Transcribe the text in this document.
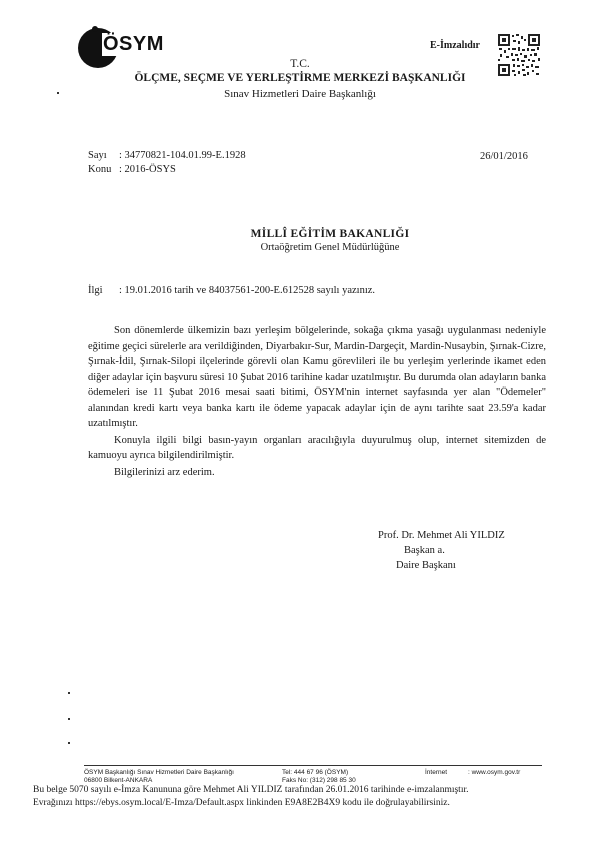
ÖSYM	E-İmzalıdır
T.C.
ÖLÇME, SEÇME VE YERLEŞTİRME MERKEZİ BAŞKANLIĞI
Sınav Hizmetleri Daire Başkanlığı
Sayı : 34770821-104.01.99-E.1928	26/01/2016
Konu : 2016-ÖSYS
MİLLÎ EĞİTİM BAKANLIĞI
Ortaöğretim Genel Müdürlüğüne
İlgi : 19.01.2016 tarih ve 84037561-200-E.612528 sayılı yazınız.

Son dönemlerde ülkemizin bazı yerleşim bölgelerinde, sokağa çıkma yasağı uygulanması nedeniyle eğitime geçici sürelerle ara verildiğinden, Diyarbakır-Sur, Mardin-Dargeçit, Mardin-Nusaybin, Şırnak-Cizre, Şırnak-İdil, Şırnak-Silopi ilçelerinde görevli olan Kamu görevlileri ile bu yerleşim yerlerinde ikamet eden diğer adaylar için başvuru süresi 10 Şubat 2016 tarihine kadar uzatılmıştır. Bu durumda olan adayların banka ödemeleri ise 11 Şubat 2016 mesai saati bitimi, ÖSYM'nin internet sayfasında yer alan "Ödemeler" alanından kredi kartı veya banka kartı ile ödeme yapacak adaylar için de aynı tarihte saat 23.59'a kadar uzatılmıştır.

Konuyla ilgili bilgi basın-yayın organları aracılığıyla duyurulmuş olup, internet sitemizden de kamuoyu ayrıca bilgilendirilmiştir.

Bilgilerinizi arz ederim.

Prof. Dr. Mehmet Ali YILDIZ
Başkan a.
Daire Başkanı
ÖSYM Başkanlığı Sınav Hizmetleri Daire Başkanlığı
06800 Bilkent-ANKARA
Tel: 444 67 96 (ÖSYM)
Faks No: (312) 298 85 30
İnternet	: www.osym.gov.tr
Bu belge 5070 sayılı e-İmza Kanununa göre Mehmet Ali YILDIZ tarafından 26.01.2016 tarihinde e-imzalanmıştır.
Evrağınızı https://ebys.osym.local/E-Imza/Default.aspx linkinden E9A8E2B4X9 kodu ile doğrulayabilirsiniz.
